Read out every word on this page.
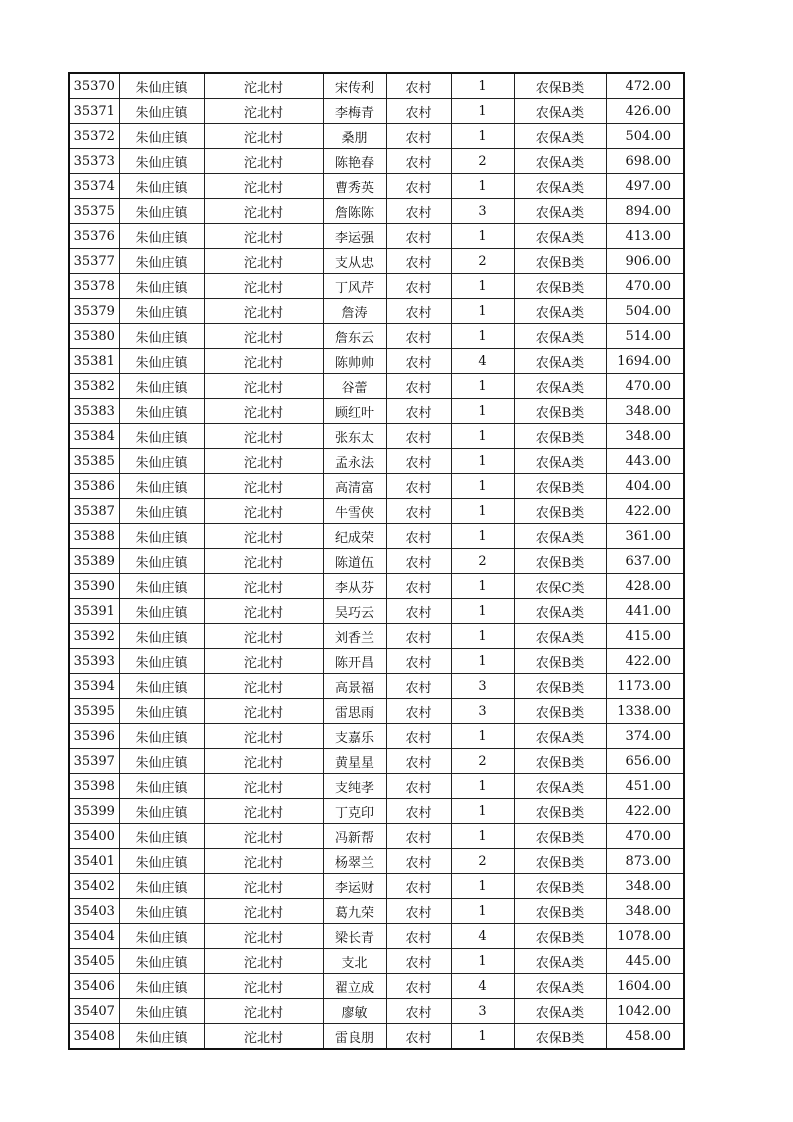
35370	朱仙庄镇	沱北村	宋传利	农村	1	农保B类	472.00
35371	朱仙庄镇	沱北村	李梅青	农村	1	农保A类	426.00
35372	朱仙庄镇	沱北村	桑朋	农村	1	农保A类	504.00
35373	朱仙庄镇	沱北村	陈艳春	农村	2	农保A类	698.00
35374	朱仙庄镇	沱北村	曹秀英	农村	1	农保A类	497.00
35375	朱仙庄镇	沱北村	詹陈陈	农村	3	农保A类	894.00
35376	朱仙庄镇	沱北村	李运强	农村	1	农保A类	413.00
35377	朱仙庄镇	沱北村	支从忠	农村	2	农保B类	906.00
35378	朱仙庄镇	沱北村	丁风芹	农村	1	农保B类	470.00
35379	朱仙庄镇	沱北村	詹涛	农村	1	农保A类	504.00
35380	朱仙庄镇	沱北村	詹东云	农村	1	农保A类	514.00
35381	朱仙庄镇	沱北村	陈帅帅	农村	4	农保A类	1694.00
35382	朱仙庄镇	沱北村	谷蕾	农村	1	农保A类	470.00
35383	朱仙庄镇	沱北村	顾红叶	农村	1	农保B类	348.00
35384	朱仙庄镇	沱北村	张东太	农村	1	农保B类	348.00
35385	朱仙庄镇	沱北村	孟永法	农村	1	农保A类	443.00
35386	朱仙庄镇	沱北村	高清富	农村	1	农保B类	404.00
35387	朱仙庄镇	沱北村	牛雪侠	农村	1	农保B类	422.00
35388	朱仙庄镇	沱北村	纪成荣	农村	1	农保A类	361.00
35389	朱仙庄镇	沱北村	陈道伍	农村	2	农保B类	637.00
35390	朱仙庄镇	沱北村	李从芬	农村	1	农保C类	428.00
35391	朱仙庄镇	沱北村	吴巧云	农村	1	农保A类	441.00
35392	朱仙庄镇	沱北村	刘香兰	农村	1	农保A类	415.00
35393	朱仙庄镇	沱北村	陈开昌	农村	1	农保B类	422.00
35394	朱仙庄镇	沱北村	高景福	农村	3	农保B类	1173.00
35395	朱仙庄镇	沱北村	雷思雨	农村	3	农保B类	1338.00
35396	朱仙庄镇	沱北村	支嘉乐	农村	1	农保A类	374.00
35397	朱仙庄镇	沱北村	黄星星	农村	2	农保B类	656.00
35398	朱仙庄镇	沱北村	支纯孝	农村	1	农保A类	451.00
35399	朱仙庄镇	沱北村	丁克印	农村	1	农保B类	422.00
35400	朱仙庄镇	沱北村	冯新帮	农村	1	农保B类	470.00
35401	朱仙庄镇	沱北村	杨翠兰	农村	2	农保B类	873.00
35402	朱仙庄镇	沱北村	李运财	农村	1	农保B类	348.00
35403	朱仙庄镇	沱北村	葛九荣	农村	1	农保B类	348.00
35404	朱仙庄镇	沱北村	梁长青	农村	4	农保B类	1078.00
35405	朱仙庄镇	沱北村	支北	农村	1	农保A类	445.00
35406	朱仙庄镇	沱北村	翟立成	农村	4	农保A类	1604.00
35407	朱仙庄镇	沱北村	廖敏	农村	3	农保A类	1042.00
35408	朱仙庄镇	沱北村	雷良朋	农村	1	农保B类	458.00
